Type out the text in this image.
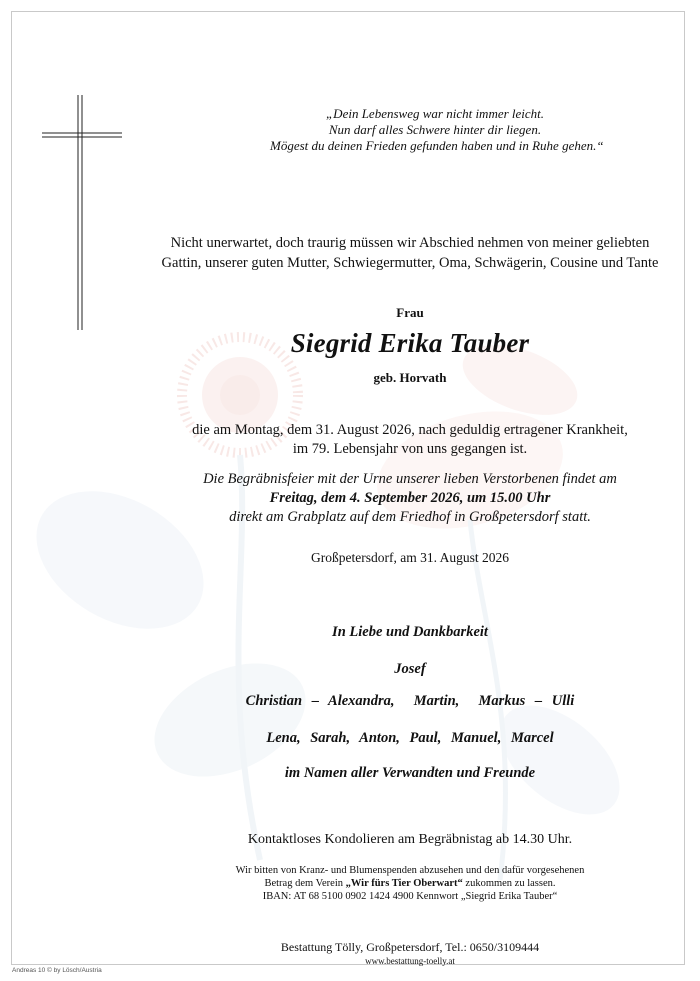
„Dein Lebensweg war nicht immer leicht.
Nun darf alles Schwere hinter dir liegen.
Mögest du deinen Frieden gefunden haben und in Ruhe gehen.“
Nicht unerwartet, doch traurig müssen wir Abschied nehmen von meiner geliebten
Gattin, unserer guten Mutter, Schwiegermutter, Oma, Schwägerin, Cousine und Tante
Frau
Siegrid Erika Tauber
geb. Horvath
die am Montag, dem 31. August 2026, nach geduldig ertragener Krankheit,
im 79. Lebensjahr von uns gegangen ist.
Die Begräbnisfeier mit der Urne unserer lieben Verstorbenen findet am
Freitag, dem 4. September 2026, um 15.00 Uhr
direkt am Grabplatz auf dem Friedhof in Großpetersdorf statt.
Großpetersdorf, am 31. August 2026
In Liebe und Dankbarkeit
Josef
Christian – Alexandra,  Martin,  Markus – Ulli
Lena, Sarah, Anton, Paul, Manuel, Marcel
im Namen aller Verwandten und Freunde
Kontaktloses Kondolieren am Begräbnistag ab 14.30 Uhr.
Wir bitten von Kranz- und Blumenspenden abzusehen und den dafür vorgesehenen
Betrag dem Verein „Wir fürs Tier Oberwart“ zukommen zu lassen.
IBAN: AT 68 5100 0902 1424 4900 Kennwort „Siegrid Erika Tauber“
Bestattung Tölly, Großpetersdorf, Tel.: 0650/3109444
www.bestattung-toelly.at
Andreas 10 © by Lösch/Austria
